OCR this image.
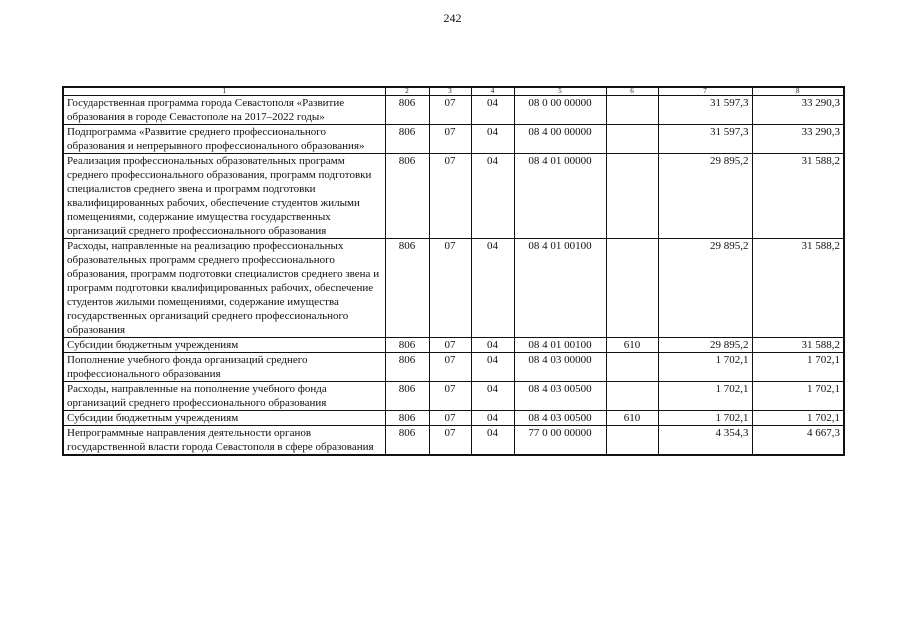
242
1	2	3	4	5	6	7	8
Государственная программа города Севастополя «Развитие образования в городе Севастополе на 2017–2022 годы»	806	07	04	08 0 00 00000		31 597,3	33 290,3
Подпрограмма «Развитие среднего профессионального образования и непрерывного профессионального образования»	806	07	04	08 4 00 00000		31 597,3	33 290,3
Реализация профессиональных образовательных программ среднего профессионального образования, программ подготовки специалистов среднего звена и программ подготовки квалифицированных рабочих, обеспечение студентов жилыми помещениями, содержание имущества государственных организаций среднего профессионального образования	806	07	04	08 4 01 00000		29 895,2	31 588,2
Расходы, направленные на реализацию профессиональных образовательных программ среднего профессионального образования, программ подготовки специалистов среднего звена и программ подготовки квалифицированных рабочих, обеспечение студентов жилыми помещениями, содержание имущества государственных организаций среднего профессионального образования	806	07	04	08 4 01 00100		29 895,2	31 588,2
Субсидии бюджетным учреждениям	806	07	04	08 4 01 00100	610	29 895,2	31 588,2
Пополнение учебного фонда организаций среднего профессионального образования	806	07	04	08 4 03 00000		1 702,1	1 702,1
Расходы, направленные на пополнение учебного фонда организаций среднего профессионального образования	806	07	04	08 4 03 00500		1 702,1	1 702,1
Субсидии бюджетным учреждениям	806	07	04	08 4 03 00500	610	1 702,1	1 702,1
Непрограммные направления деятельности органов государственной власти города Севастополя в сфере образования	806	07	04	77 0 00 00000		4 354,3	4 667,3
